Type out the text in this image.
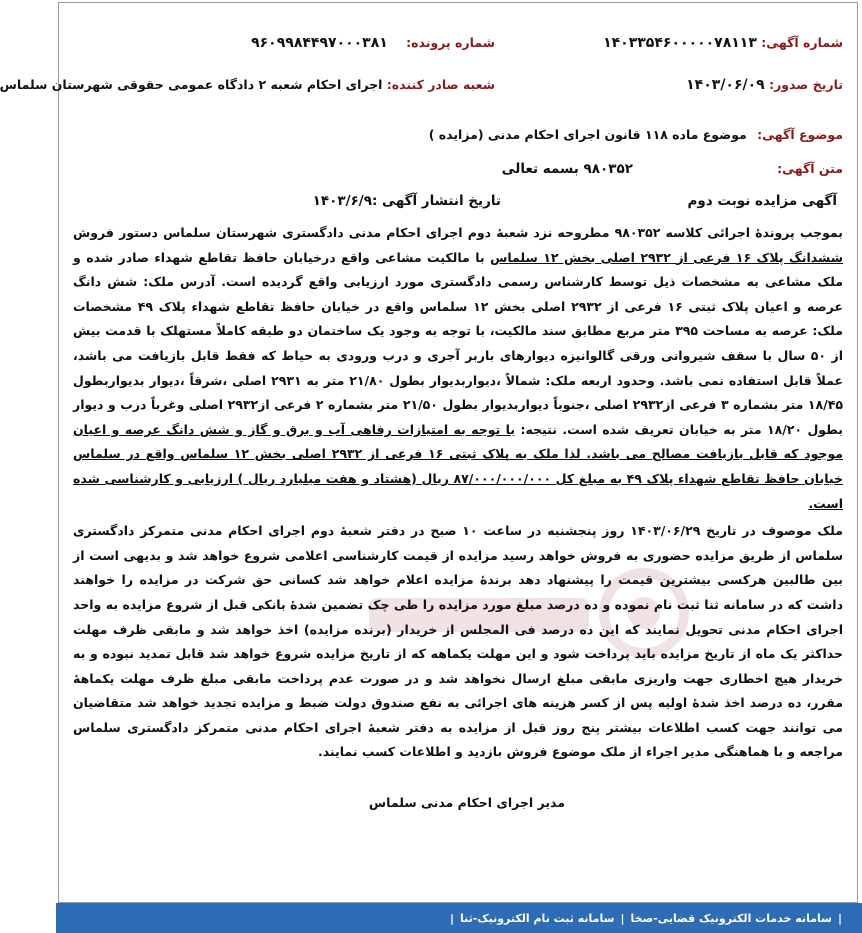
شماره آگهی: ۱۴۰۳۳۵۴۶۰۰۰۰۰۷۸۱۱۳
شماره پرونده: ۹۶۰۹۹۸۴۴۹۷۰۰۰۳۸۱
تاریخ صدور: ۱۴۰۳/۰۶/۰۹
شعبه صادر کننده: اجرای احکام شعبه ۲ دادگاه عمومی حقوقی شهرستان سلماس
موضوع آگهی: موضوع ماده ۱۱۸ قانون اجرای احکام مدنی (مزایده )
متن آگهی:
۹۸۰۳۵۲ بسمه تعالی
آگهی مزایده نوبت دوم
تاریخ انتشار آگهی :۱۴۰۳/۶/۹

بموجب پروندهٔ اجرائی کلاسه ۹۸۰۳۵۲ مطروحه نزد شعبهٔ دوم اجرای احکام مدنی دادگستری شهرستان سلماس دستور فروش ششدانگ پلاک ۱۶ فرعی از ۲۹۳۲ اصلی بخش ۱۲ سلماس با مالکیت مشاعی واقع درخیابان حافظ تقاطع شهداء صادر شده و ملک مشاعی به مشخصات ذیل توسط کارشناس رسمی دادگستری مورد ارزیابی واقع گردیده است. آدرس ملک: شش دانگ عرصه و اعیان پلاک ثبتی ۱۶ فرعی از ۲۹۳۲ اصلی بخش ۱۲ سلماس واقع در خیابان حافظ تقاطع شهداء پلاک ۴۹ مشخصات ملک: عرصه به مساحت ۳۹۵ متر مربع مطابق سند مالکیت، با توجه به وجود یک ساختمان دو طبقه کاملاً مستهلک با قدمت بیش از ۵۰ سال با سقف شیروانی ورقی گالوانیزه دیوارهای باربر آجری و درب ورودی به حیاط که فقط قابل بازیافت می باشد، عملاً قابل استفاده نمی باشد. وحدود اربعه ملک: شمالاً ،دیواربدیوار بطول ۲۱/۸۰ متر به ۲۹۳۱ اصلی ،شرقاً ،دیوار بدیواربطول ۱۸/۴۵ متر بشماره ۳ فرعی از۲۹۳۲ اصلی ،جنوباً دیواربدیوار بطول ۲۱/۵۰ متر بشماره ۲ فرعی از۲۹۳۲ اصلی وغرباً درب و دیوار بطول ۱۸/۲۰ متر به خیابان تعریف شده است. نتیجه: با توجه به امتیازات رفاهی آب و برق و گاز و شش دانگ عرصه و اعیان موجود که قابل بازیافت مصالح می باشد. لذا ملک به پلاک ثبتی ۱۶ فرعی از ۲۹۳۲ اصلی بخش ۱۲ سلماس واقع در سلماس خیابان حافظ تقاطع شهداء پلاک ۴۹ به مبلغ کل ۸۷/۰۰۰/۰۰۰/۰۰۰ ریال (هشتاد و هفت میلیارد ریال ) ارزیابی و کارشناسی شده است.

ملک موصوف در تاریخ ۱۴۰۳/۰۶/۲۹ روز پنجشنبه در ساعت ۱۰ صبح در دفتر شعبهٔ دوم اجرای احکام مدنی متمرکز دادگستری سلماس از طریق مزایده حضوری به فروش خواهد رسید مزایده از قیمت کارشناسی اعلامی شروع خواهد شد و بدیهی است از بین طالبین هرکسی بیشترین قیمت را پیشنهاد دهد برندهٔ مزایده اعلام خواهد شد کسانی حق شرکت در مزایده را خواهند داشت که در سامانه ثنا ثبت نام نموده و ده درصد مبلغ مورد مزایده را طی چک تضمین شدهٔ بانکی قبل از شروع مزایده به واحد اجرای احکام مدنی تحویل نمایند که این ده درصد فی المجلس از خریدار (برنده مزایده) اخذ خواهد شد و مابقی ظرف مهلت حداکثر یک ماه از تاریخ مزایده باید پرداخت شود و این مهلت یکماهه که از تاریخ مزایده شروع خواهد شد قابل تمدید نبوده و به خریدار هیچ اخطاری جهت واریزی مابقی مبلغ ارسال نخواهد شد و در صورت عدم پرداخت مابقی مبلغ ظرف مهلت یکماههٔ مقرر، ده درصد اخذ شدهٔ اولیه پس از کسر هزینه های اجرائی به نفع صندوق دولت ضبط و مزایده تجدید خواهد شد متقاضیان می توانند جهت کسب اطلاعات بیشتر پنج روز قبل از مزایده به دفتر شعبهٔ اجرای احکام مدنی متمرکز دادگستری سلماس مراجعه و با هماهنگی مدیر اجراء از ملک موضوع فروش بازدید و اطلاعات کسب نمایند.

مدیر اجرای احکام مدنی سلماس
|
سامانه خدمات الکترونیک قضایی-صخا
|
سامانه ثبت نام الکترونیک-ثنا
|
